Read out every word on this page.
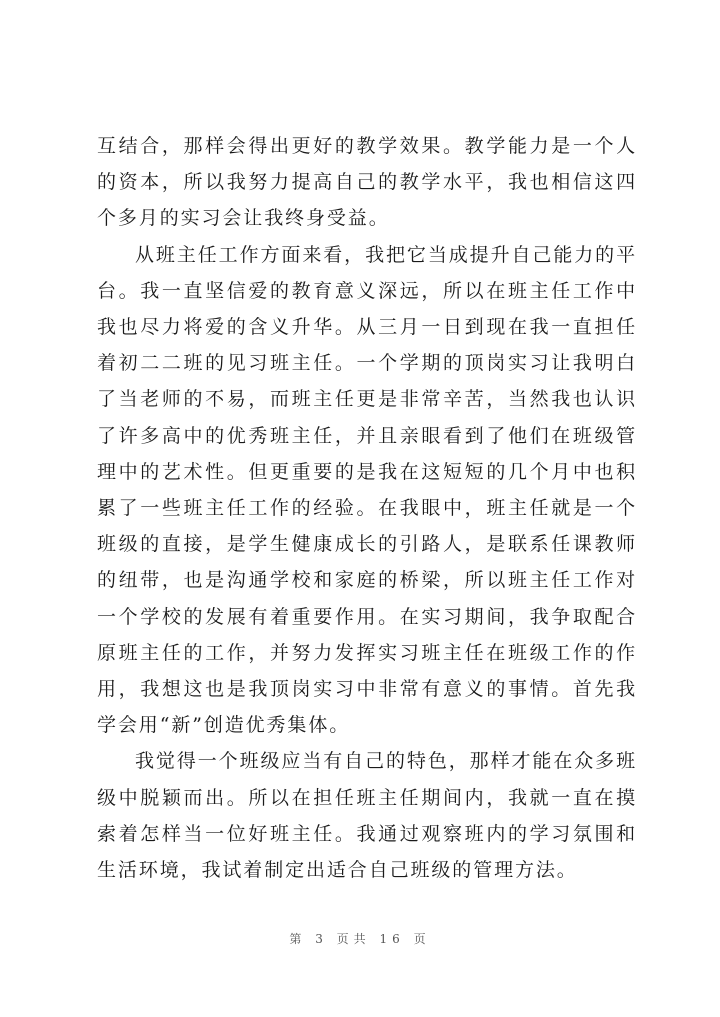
互结合，那样会得出更好的教学效果。教学能力是一个人的资本，所以我努力提高自己的教学水平，我也相信这四个多月的实习会让我终身受益。

从班主任工作方面来看，我把它当成提升自己能力的平台。我一直坚信爱的教育意义深远，所以在班主任工作中我也尽力将爱的含义升华。从三月一日到现在我一直担任着初二二班的见习班主任。一个学期的顶岗实习让我明白了当老师的不易，而班主任更是非常辛苦，当然我也认识了许多高中的优秀班主任，并且亲眼看到了他们在班级管理中的艺术性。但更重要的是我在这短短的几个月中也积累了一些班主任工作的经验。在我眼中，班主任就是一个班级的直接，是学生健康成长的引路人，是联系任课教师的纽带，也是沟通学校和家庭的桥梁，所以班主任工作对一个学校的发展有着重要作用。在实习期间，我争取配合原班主任的工作，并努力发挥实习班主任在班级工作的作用，我想这也是我顶岗实习中非常有意义的事情。首先我学会用“新”创造优秀集体。

我觉得一个班级应当有自己的特色，那样才能在众多班级中脱颖而出。所以在担任班主任期间内，我就一直在摸索着怎样当一位好班主任。我通过观察班内的学习氛围和生活环境，我试着制定出适合自己班级的管理方法。

第 3 页共 16 页
